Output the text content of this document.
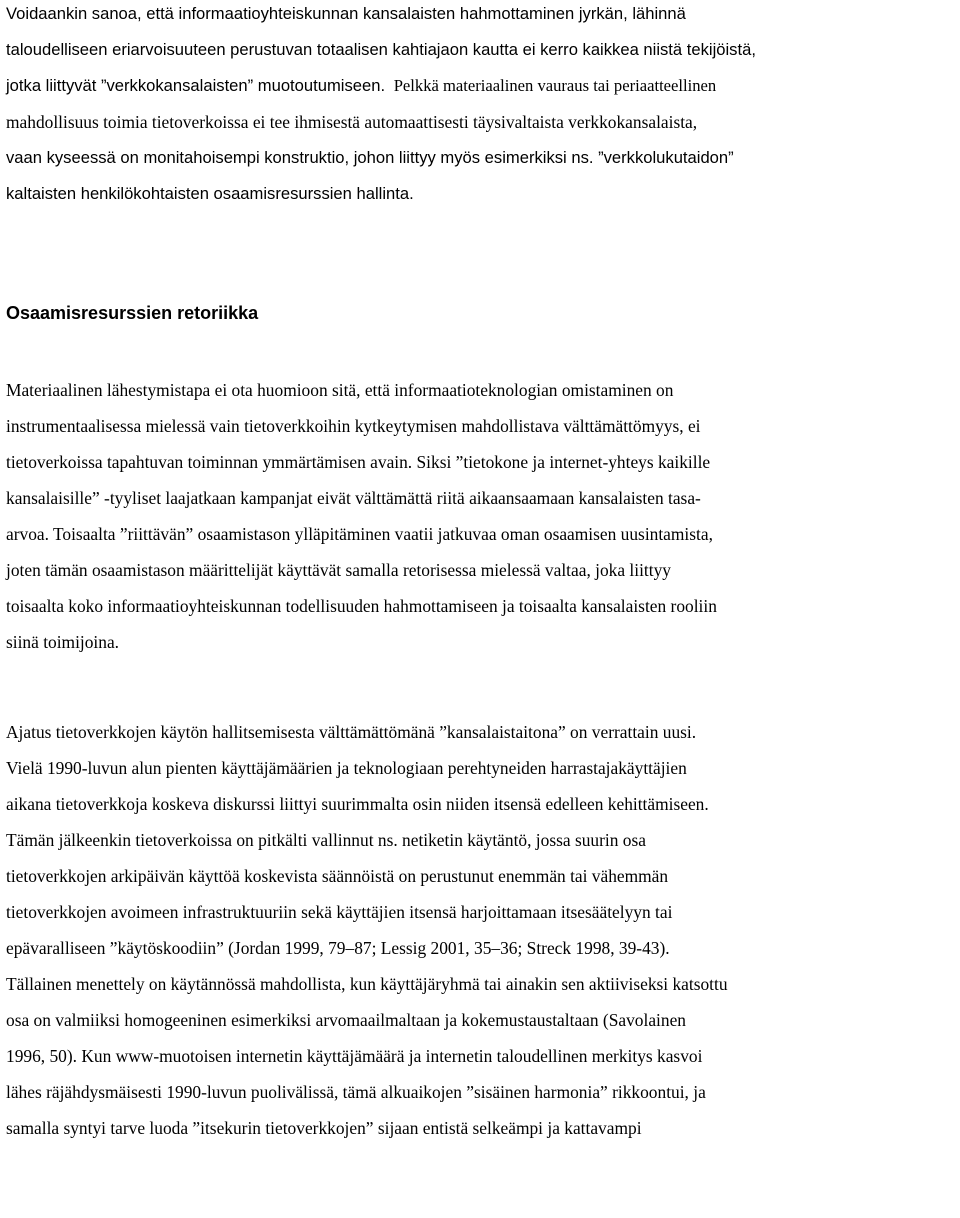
Voidaankin sanoa, että informaatioyhteiskunnan kansalaisten hahmottaminen jyrkän, lähinnä
taloudelliseen eriarvoisuuteen perustuvan totaalisen kahtiajaon kautta ei kerro kaikkea niistä tekijöistä,
jotka liittyvät ”verkkokansalaisten” muotoutumiseen. Pelkkä materiaalinen vauraus tai periaatteellinen
mahdollisuus toimia tietoverkoissa ei tee ihmisestä automaattisesti täysivaltaista verkkokansalaista,
vaan kyseessä on monitahoisempi konstruktio, johon liittyy myös esimerkiksi ns. ”verkkolukutaidon”
kaltaisten henkilökohtaisten osaamisresurssien hallinta.
Osaamisresurssien retoriikka
Materiaalinen lähestymistapa ei ota huomioon sitä, että informaatioteknologian omistaminen on
instrumentaalisessa mielessä vain tietoverkkoihin kytkeytymisen mahdollistava välttämättömyys, ei
tietoverkoissa tapahtuvan toiminnan ymmärtämisen avain. Siksi ”tietokone ja internet-yhteys kaikille
kansalaisille” -tyyliset laajatkaan kampanjat eivät välttämättä riitä aikaansaamaan kansalaisten tasa-
arvoa. Toisaalta ”riittävän” osaamistason ylläpitäminen vaatii jatkuvaa oman osaamisen uusintamista,
joten tämän osaamistason määrittelijät käyttävät samalla retorisessa mielessä valtaa, joka liittyy
toisaalta koko informaatioyhteiskunnan todellisuuden hahmottamiseen ja toisaalta kansalaisten rooliin
siinä toimijoina.
Ajatus tietoverkkojen käytön hallitsemisesta välttämättömänä ”kansalaistaitona” on verrattain uusi.
Vielä 1990-luvun alun pienten käyttäjämäärien ja teknologiaan perehtyneiden harrastajakäyttäjien
aikana tietoverkkoja koskeva diskurssi liittyi suurimmalta osin niiden itsensä edelleen kehittämiseen.
Tämän jälkeenkin tietoverkoissa on pitkälti vallinnut ns. netiketin käytäntö, jossa suurin osa
tietoverkkojen arkipäivän käyttöä koskevista säännöistä on perustunut enemmän tai vähemmän
tietoverkkojen avoimeen infrastruktuuriin sekä käyttäjien itsensä harjoittamaan itsesäätelyyn tai
epävaralliseen ”käytöskoodiin” (Jordan 1999, 79–87; Lessig 2001, 35–36; Streck 1998, 39-43).
Tällainen menettely on käytännössä mahdollista, kun käyttäjäryhmä tai ainakin sen aktiiviseksi katsottu
osa on valmiiksi homogeeninen esimerkiksi arvomaailmaltaan ja kokemustaustaltaan (Savolainen
1996, 50). Kun www-muotoisen internetin käyttäjämäärä ja internetin taloudellinen merkitys kasvoi
lähes räjähdysmäisesti 1990-luvun puolivälissä, tämä alkuaikojen ”sisäinen harmonia” rikkoontui, ja
samalla syntyi tarve luoda ”itsekurin tietoverkkojen” sijaan entistä selkeämpi ja kattavampi
